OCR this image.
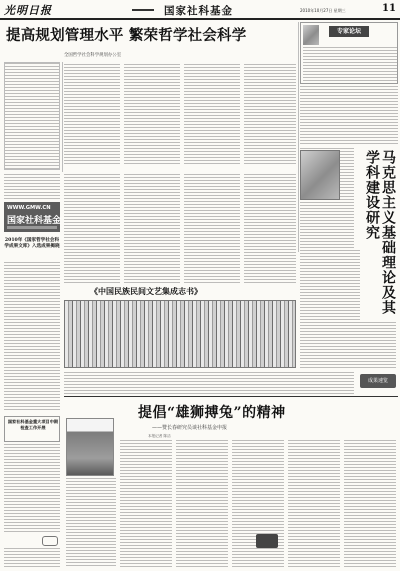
光明日报	国家社科基金	2010年10月27日 星期三	11
提高规划管理水平 繁荣哲学社会科学
全国哲学社会科学规划办公室
专家论坛
WWW.GMW.CN
国家社科基金
2010年《国家哲学社会科学成果文库》入选成果揭晓
国家社科基金重大项目中期检查工作开展
《中国民族民间文艺集成志书》	马克思主义基础理论及其学科建设研究
成果速览
提倡“雄狮搏兔”的精神
——赞长春研究员谈社科基金申报
本报记者 陈洁
